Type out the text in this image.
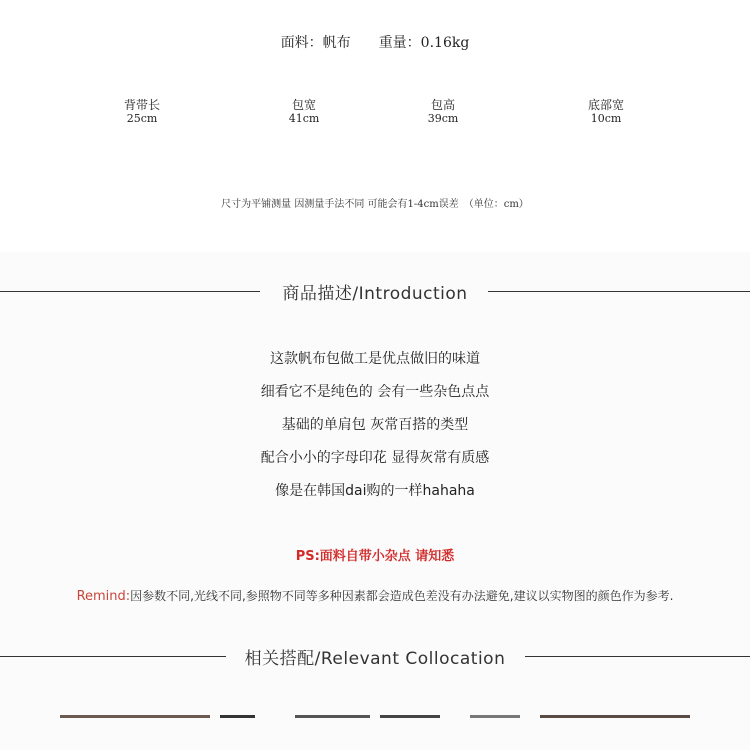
面料：帆布 重量：0.16kg
背带长
25cm
包宽
41cm
包高
39cm
底部宽
10cm
尺寸为平铺测量 因测量手法不同 可能会有1-4cm误差　（单位：cm）
商品描述/Introduction
这款帆布包做工是优点做旧的味道
细看它不是纯色的 会有一些杂色点点
基础的单肩包 灰常百搭的类型
配合小小的字母印花 显得灰常有质感
像是在韩国dai购的一样hahaha
PS:面料自带小杂点 请知悉
Remind:因参数不同,光线不同,参照物不同等多种因素都会造成色差没有办法避免,建议以实物图的颜色作为参考.
相关搭配/Relevant Collocation
